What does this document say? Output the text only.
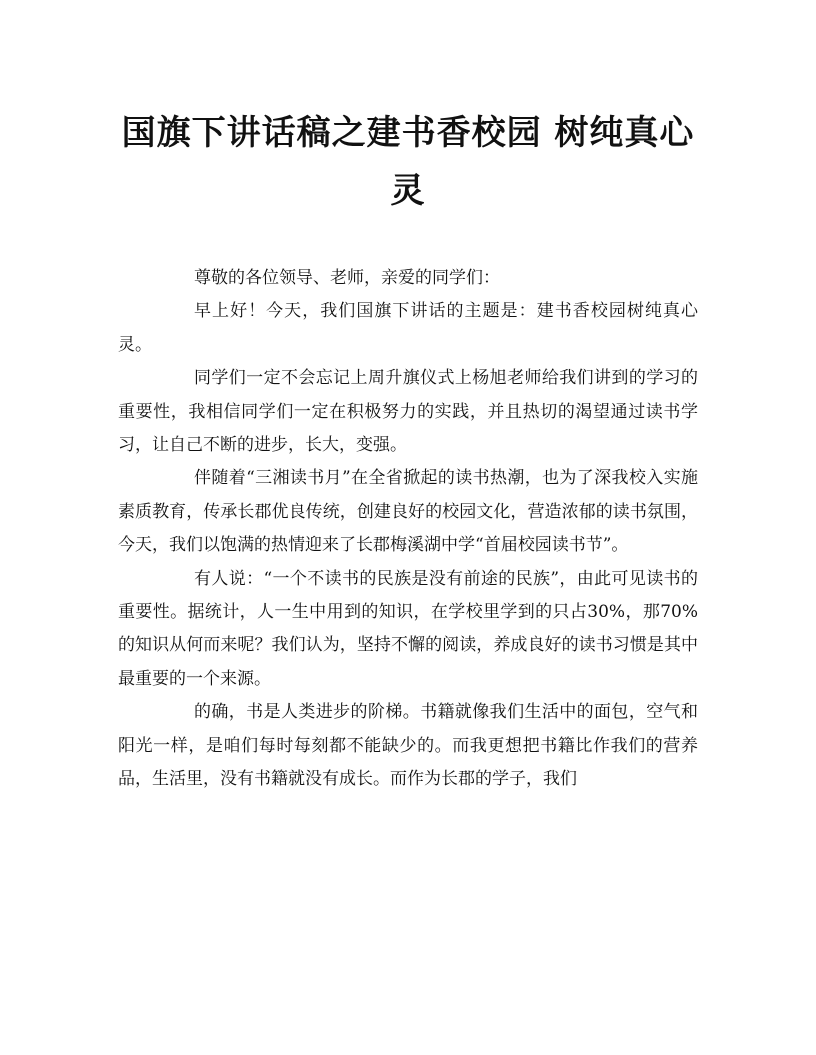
国旗下讲话稿之建书香校园 树纯真心
灵

尊敬的各位领导、老师，亲爱的同学们：

早上好！今天，我们国旗下讲话的主题是：建书香校园树纯真心灵。

同学们一定不会忘记上周升旗仪式上杨旭老师给我们讲到的学习的重要性，我相信同学们一定在积极努力的实践，并且热切的渴望通过读书学习，让自己不断的进步，长大，变强。

伴随着“三湘读书月”在全省掀起的读书热潮，也为了深我校入实施素质教育，传承长郡优良传统，创建良好的校园文化，营造浓郁的读书氛围，今天，我们以饱满的热情迎来了长郡梅溪湖中学“首届校园读书节”。

有人说：“一个不读书的民族是没有前途的民族”，由此可见读书的重要性。据统计，人一生中用到的知识，在学校里学到的只占30%，那70%的知识从何而来呢？我们认为，坚持不懈的阅读，养成良好的读书习惯是其中最重要的一个来源。

的确，书是人类进步的阶梯。书籍就像我们生活中的面包，空气和阳光一样，是咱们每时每刻都不能缺少的。而我更想把书籍比作我们的营养品，生活里，没有书籍就没有成长。而作为长郡的学子，我们
